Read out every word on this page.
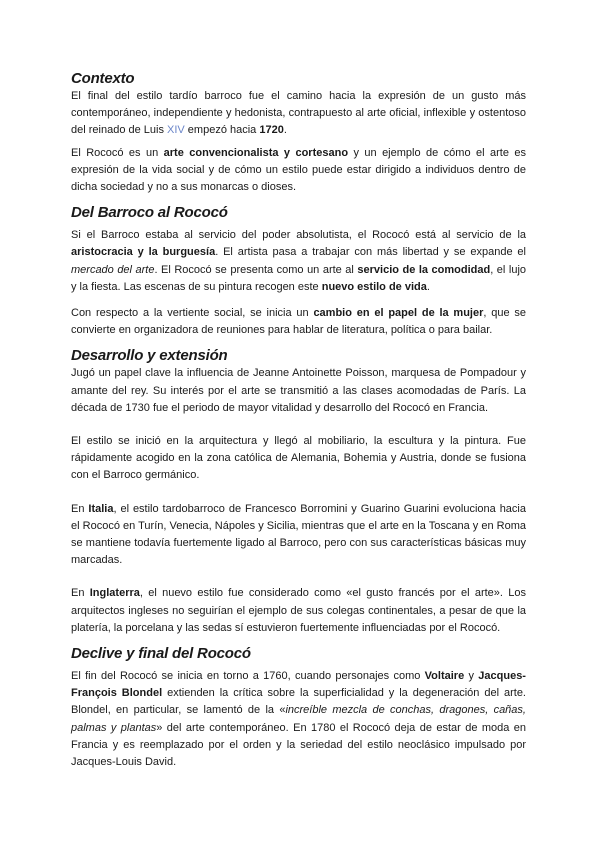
Contexto

El final del estilo tardío barroco fue el camino hacia la expresión de un gusto más contemporáneo, independiente y hedonista, contrapuesto al arte oficial, inflexible y ostentoso del reinado de Luis XIV empezó hacia 1720.

El Rococó es un arte convencionalista y cortesano y un ejemplo de cómo el arte es expresión de la vida social y de cómo un estilo puede estar dirigido a individuos dentro de dicha sociedad y no a sus monarcas o dioses.

Del Barroco al Rococó

Si el Barroco estaba al servicio del poder absolutista, el Rococó está al servicio de la aristocracia y la burguesía. El artista pasa a trabajar con más libertad y se expande el mercado del arte. El Rococó se presenta como un arte al servicio de la comodidad, el lujo y la fiesta. Las escenas de su pintura recogen este nuevo estilo de vida.

Con respecto a la vertiente social, se inicia un cambio en el papel de la mujer, que se convierte en organizadora de reuniones para hablar de literatura, política o para bailar.

Desarrollo y extensión

Jugó un papel clave la influencia de Jeanne Antoinette Poisson, marquesa de Pompadour y amante del rey. Su interés por el arte se transmitió a las clases acomodadas de París. La década de 1730 fue el periodo de mayor vitalidad y desarrollo del Rococó en Francia.

El estilo se inició en la arquitectura y llegó al mobiliario, la escultura y la pintura. Fue rápidamente acogido en la zona católica de Alemania, Bohemia y Austria, donde se fusiona con el Barroco germánico.

En Italia, el estilo tardobarroco de Francesco Borromini y Guarino Guarini evoluciona hacia el Rococó en Turín, Venecia, Nápoles y Sicilia, mientras que el arte en la Toscana y en Roma se mantiene todavía fuertemente ligado al Barroco, pero con sus características básicas muy marcadas.

En Inglaterra, el nuevo estilo fue considerado como «el gusto francés por el arte». Los arquitectos ingleses no seguirían el ejemplo de sus colegas continentales, a pesar de que la platería, la porcelana y las sedas sí estuvieron fuertemente influenciadas por el Rococó.

Declive y final del Rococó

El fin del Rococó se inicia en torno a 1760, cuando personajes como Voltaire y Jacques-François Blondel extienden la crítica sobre la superficialidad y la degeneración del arte. Blondel, en particular, se lamentó de la «increíble mezcla de conchas, dragones, cañas, palmas y plantas» del arte contemporáneo. En 1780 el Rococó deja de estar de moda en Francia y es reemplazado por el orden y la seriedad del estilo neoclásico impulsado por Jacques-Louis David.
